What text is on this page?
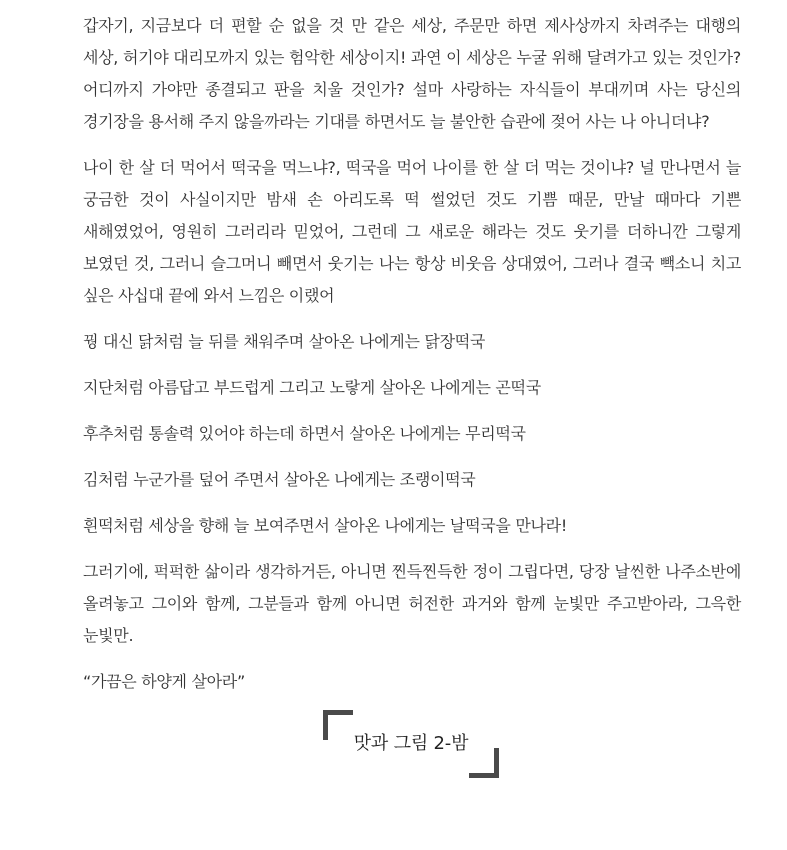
갑자기, 지금보다 더 편할 순 없을 것 만 같은 세상, 주문만 하면 제사상까지 차려주는 대행의 세상, 허기야 대리모까지 있는 험악한 세상이지! 과연 이 세상은 누굴 위해 달려가고 있는 것인가? 어디까지 가야만 종결되고 판을 치울 것인가? 설마 사랑하는 자식들이 부대끼며 사는 당신의 경기장을 용서해 주지 않을까라는 기대를 하면서도 늘 불안한 습관에 젖어 사는 나 아니더냐?

나이 한 살 더 먹어서 떡국을 먹느냐?, 떡국을 먹어 나이를 한 살 더 먹는 것이냐? 널 만나면서 늘 궁금한 것이 사실이지만 밤새 손 아리도록 떡 썰었던 것도 기쁨 때문, 만날 때마다 기쁜 새해였었어, 영원히 그러리라 믿었어, 그런데 그 새로운 해라는 것도 웃기를 더하니깐 그렇게 보였던 것, 그러니 슬그머니 빼면서 웃기는 나는 항상 비웃음 상대였어, 그러나 결국 빽소니 치고 싶은 사십대 끝에 와서 느낌은 이랬어

꿩 대신 닭처럼 늘 뒤를 채워주며 살아온 나에게는 닭장떡국

지단처럼 아름답고 부드럽게 그리고 노랗게 살아온 나에게는 곤떡국

후추처럼 통솔력 있어야 하는데 하면서 살아온 나에게는 무리떡국

김처럼 누군가를 덮어 주면서 살아온 나에게는 조랭이떡국

흰떡처럼 세상을 향해 늘 보여주면서 살아온 나에게는 날떡국을 만나라!

그러기에, 퍽퍽한 삶이라 생각하거든, 아니면 찐득찐득한 정이 그립다면, 당장 날씬한 나주소반에 올려놓고 그이와 함께, 그분들과 함께 아니면 허전한 과거와 함께 눈빛만 주고받아라, 그윽한 눈빛만.

“가끔은 하양게 살아라”

맛과 그림 2-밤
